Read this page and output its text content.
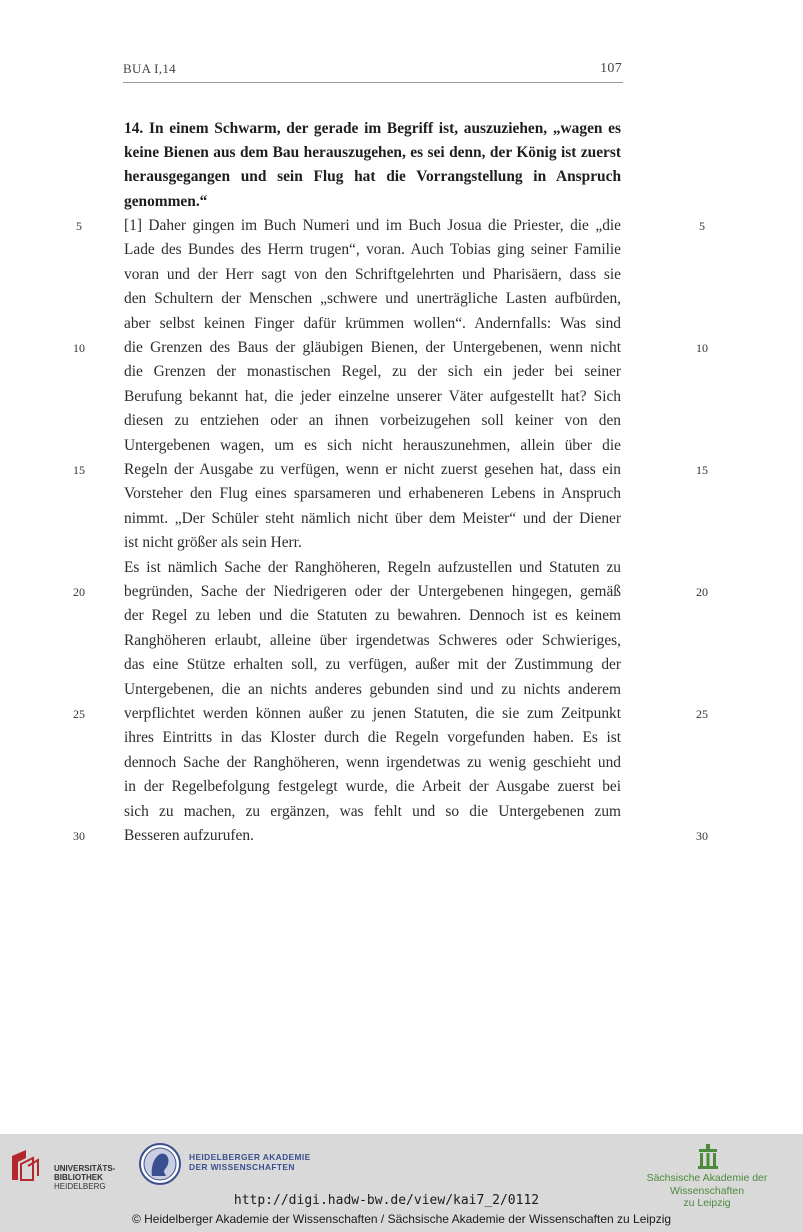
BUA I,14	107
14. In einem Schwarm, der gerade im Begriff ist, auszuziehen, „wagen es keine Bienen aus dem Bau herauszugehen, es sei denn, der König ist zuerst herausgegangen und sein Flug hat die Vorrangstellung in Anspruch genommen.“
[1] Daher gingen im Buch Numeri und im Buch Josua die Priester, die „die
Lade des Bundes des Herrn trugen“, voran. Auch Tobias ging seiner Familie
voran und der Herr sagt von den Schriftgelehrten und Pharisäern, dass sie
den Schultern der Menschen „schwere und unerträgliche Lasten aufbürden,
aber selbst keinen Finger dafür krümmen wollen“. Andernfalls: Was sind
die Grenzen des Baus der gläubigen Bienen, der Untergebenen, wenn nicht
die Grenzen der monastischen Regel, zu der sich ein jeder bei seiner
Berufung bekannt hat, die jeder einzelne unserer Väter aufgestellt hat? Sich
diesen zu entziehen oder an ihnen vorbeizugehen soll keiner von den
Untergebenen wagen, um es sich nicht herauszunehmen, allein über die
Regeln der Ausgabe zu verfügen, wenn er nicht zuerst gesehen hat, dass ein
Vorsteher den Flug eines sparsameren und erhabeneren Lebens in Anspruch
nimmt. „Der Schüler steht nämlich nicht über dem Meister“ und der Diener
ist nicht größer als sein Herr.
Es ist nämlich Sache der Ranghöheren, Regeln aufzustellen und Statuten zu
begründen, Sache der Niedrigeren oder der Untergebenen hingegen, gemäß
der Regel zu leben und die Statuten zu bewahren. Dennoch ist es keinem
Ranghöheren erlaubt, alleine über irgendetwas Schweres oder Schwieriges,
das eine Stütze erhalten soll, zu verfügen, außer mit der Zustimmung der
Untergebenen, die an nichts anderes gebunden sind und zu nichts anderem
verpflichtet werden können außer zu jenen Statuten, die sie zum Zeitpunkt
ihres Eintritts in das Kloster durch die Regeln vorgefunden haben. Es ist
dennoch Sache der Ranghöheren, wenn irgendetwas zu wenig geschieht und
in der Regelbefolgung festgelegt wurde, die Arbeit der Ausgabe zuerst bei
sich zu machen, zu ergänzen, was fehlt und so die Untergebenen zum
Besseren aufzurufen.
5	5
10	10
15	15
20	20
25	25
30	30
UNIVERSITÄTS-
BIBLIOTHEK
HEIDELBERG
HEIDELBERGER AKADEMIE
DER WISSENSCHAFTEN
Sächsische Akademie der Wissenschaften
zu Leipzig
http://digi.hadw-bw.de/view/kai7_2/0112
© Heidelberger Akademie der Wissenschaften / Sächsische Akademie der Wissenschaften zu Leipzig
